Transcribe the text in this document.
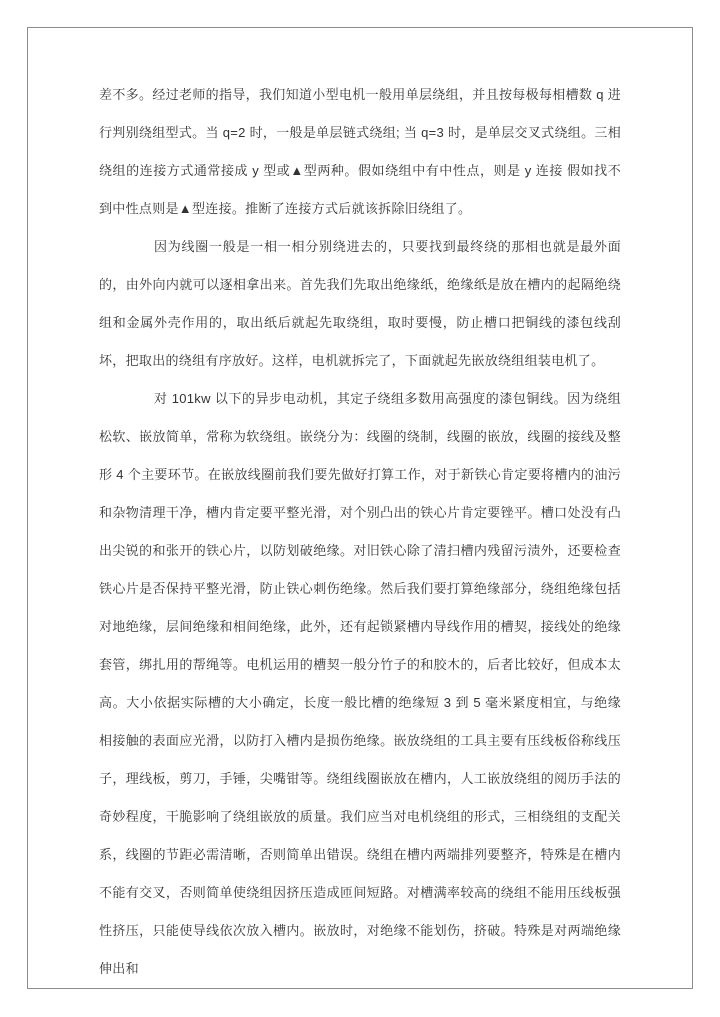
差不多。经过老师的指导，我们知道小型电机一般用单层绕组，并且按每极每相槽数 q 进行判别绕组型式。当 q=2 时，一般是单层链式绕组; 当 q=3 时，是单层交叉式绕组。三相绕组的连接方式通常接成 y 型或▲型两种。假如绕组中有中性点，则是 y 连接 假如找不到中性点则是▲型连接。推断了连接方式后就该拆除旧绕组了。

因为线圈一般是一相一相分别绕进去的，只要找到最终绕的那相也就是最外面的，由外向内就可以逐相拿出来。首先我们先取出绝缘纸，绝缘纸是放在槽内的起隔绝绕组和金属外壳作用的，取出纸后就起先取绕组，取时要慢，防止槽口把铜线的漆包线刮坏，把取出的绕组有序放好。这样，电机就拆完了，下面就起先嵌放绕组组装电机了。

对 101kw 以下的异步电动机，其定子绕组多数用高强度的漆包铜线。因为绕组松软、嵌放简单，常称为软绕组。嵌绕分为：线圈的绕制，线圈的嵌放，线圈的接线及整形 4 个主要环节。在嵌放线圈前我们要先做好打算工作，对于新铁心肯定要将槽内的油污和杂物清理干净，槽内肯定要平整光滑，对个别凸出的铁心片肯定要锉平。槽口处没有凸出尖锐的和张开的铁心片，以防划破绝缘。对旧铁心除了清扫槽内残留污渍外，还要检查铁心片是否保持平整光滑，防止铁心刺伤绝缘。然后我们要打算绝缘部分，绕组绝缘包括对地绝缘，层间绝缘和相间绝缘，此外，还有起锁紧槽内导线作用的槽契，接线处的绝缘套管，绑扎用的帮绳等。电机运用的槽契一般分竹子的和胶木的，后者比较好，但成本太高。大小依据实际槽的大小确定，长度一般比槽的绝缘短 3 到 5 毫米紧度相宜，与绝缘相接触的表面应光滑，以防打入槽内是损伤绝缘。嵌放绕组的工具主要有压线板俗称线压子，理线板，剪刀，手锤，尖嘴钳等。绕组线圈嵌放在槽内，人工嵌放绕组的阅历手法的奇妙程度，干脆影响了绕组嵌放的质量。我们应当对电机绕组的形式，三相绕组的支配关系，线圈的节距必需清晰，否则简单出错误。绕组在槽内两端排列要整齐，特殊是在槽内不能有交叉，否则简单使绕组因挤压造成匝间短路。对槽满率较高的绕组不能用压线板强性挤压，只能使导线依次放入槽内。嵌放时，对绝缘不能划伤，挤破。特殊是对两端绝缘伸出和
